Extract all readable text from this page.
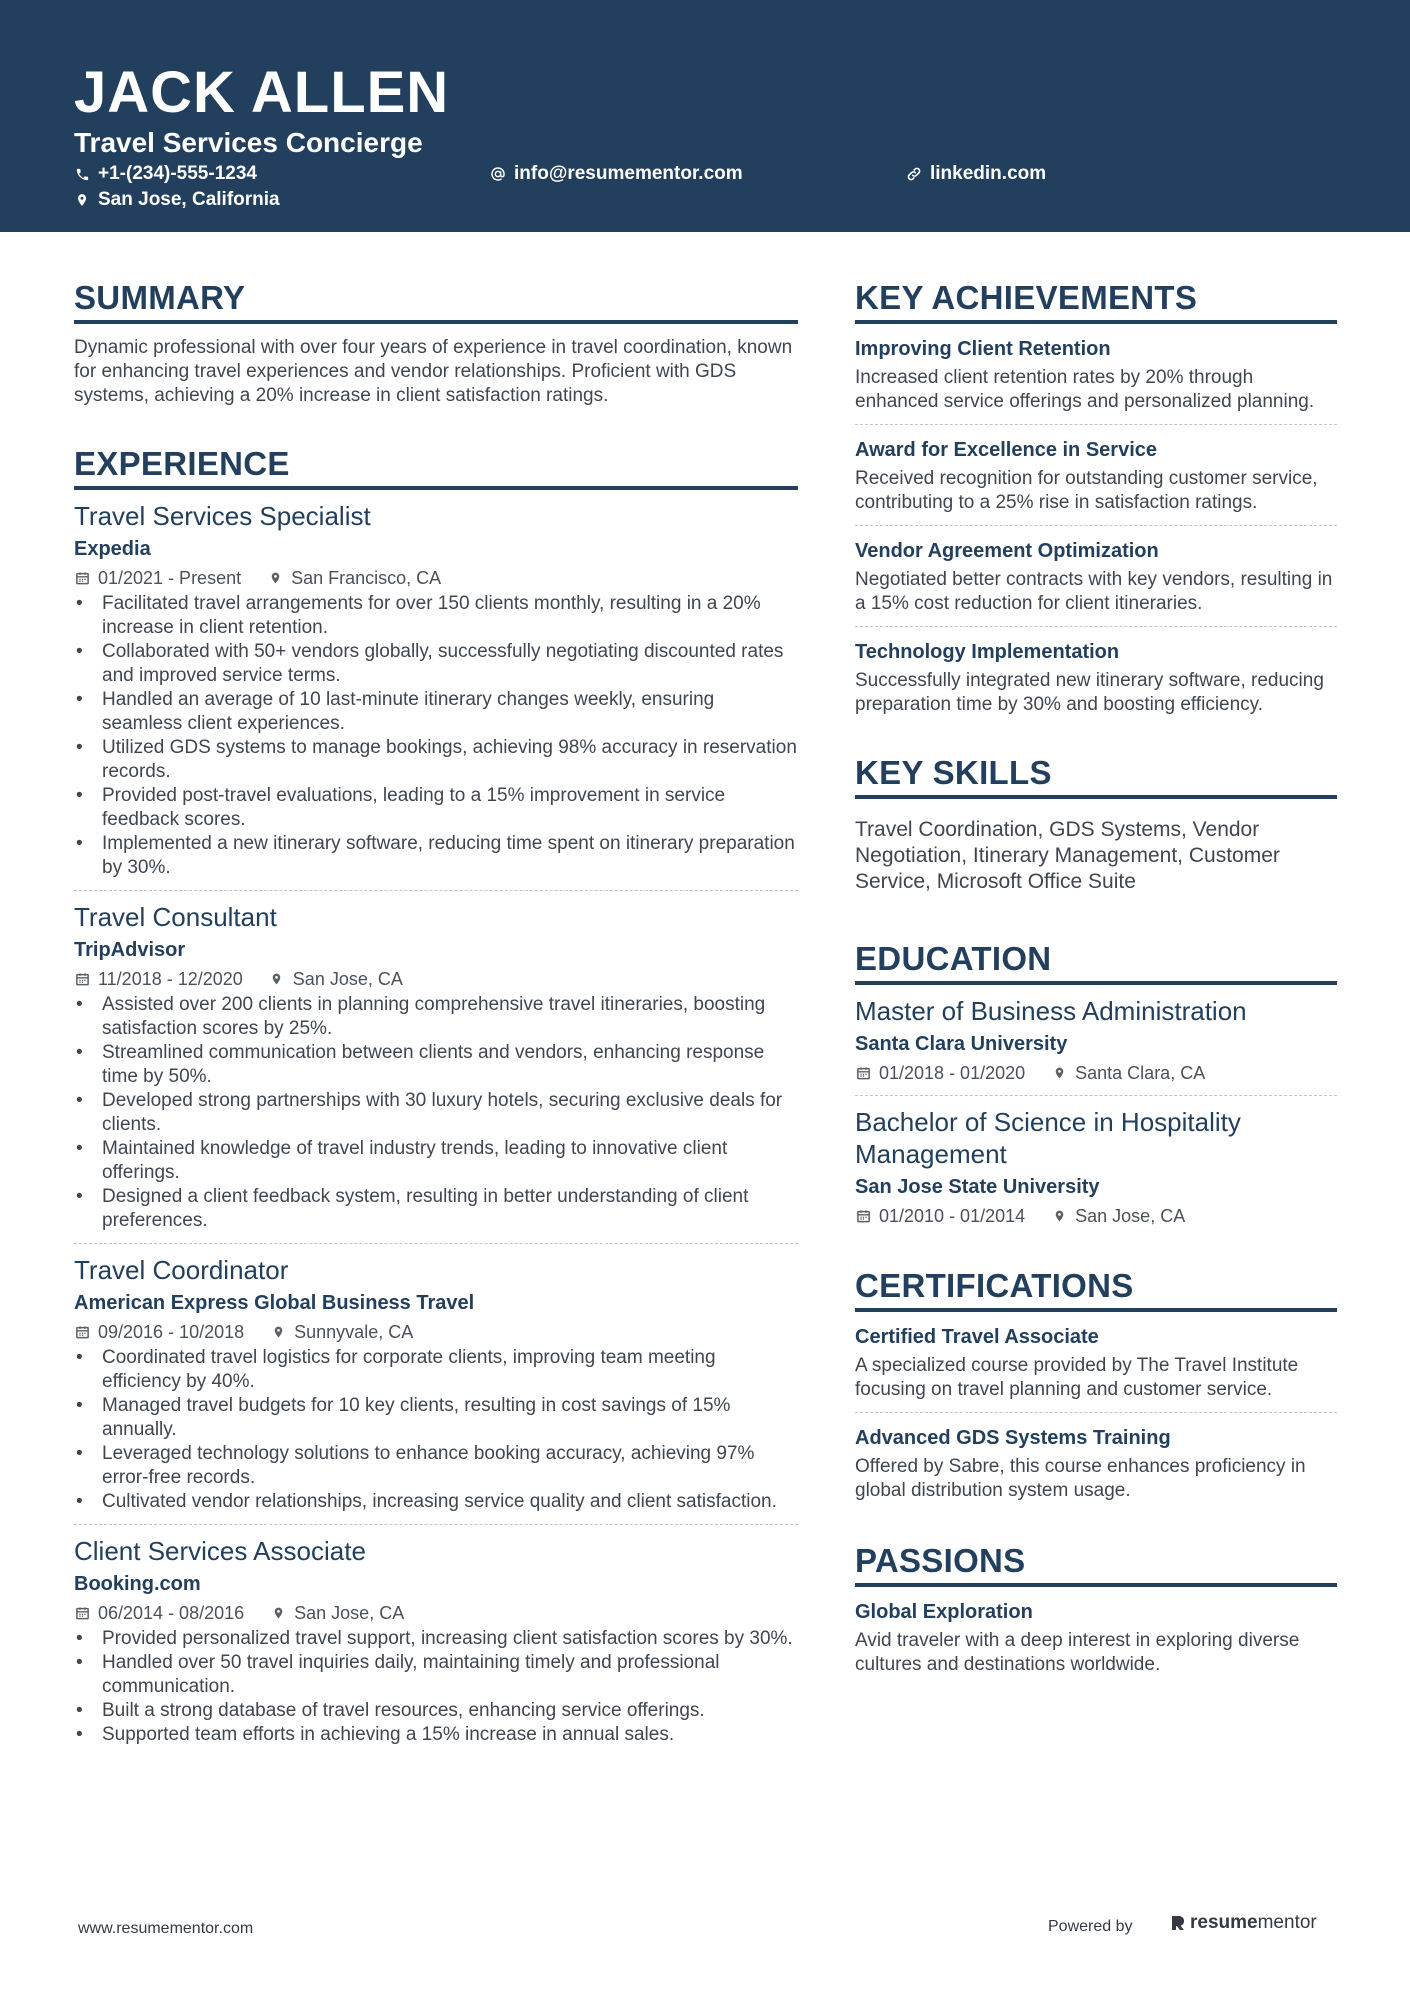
JACK ALLEN
Travel Services Concierge
+1-(234)-555-1234	info@resumementor.com	linkedin.com
San Jose, California
SUMMARY
Dynamic professional with over four years of experience in travel coordination, known for enhancing travel experiences and vendor relationships. Proficient with GDS systems, achieving a 20% increase in client satisfaction ratings.
EXPERIENCE
Travel Services Specialist
Expedia
01/2021 - Present	San Francisco, CA
• Facilitated travel arrangements for over 150 clients monthly, resulting in a 20% increase in client retention.
• Collaborated with 50+ vendors globally, successfully negotiating discounted rates and improved service terms.
• Handled an average of 10 last-minute itinerary changes weekly, ensuring seamless client experiences.
• Utilized GDS systems to manage bookings, achieving 98% accuracy in reservation records.
• Provided post-travel evaluations, leading to a 15% improvement in service feedback scores.
• Implemented a new itinerary software, reducing time spent on itinerary preparation by 30%.
Travel Consultant
TripAdvisor
11/2018 - 12/2020	San Jose, CA
• Assisted over 200 clients in planning comprehensive travel itineraries, boosting satisfaction scores by 25%.
• Streamlined communication between clients and vendors, enhancing response time by 50%.
• Developed strong partnerships with 30 luxury hotels, securing exclusive deals for clients.
• Maintained knowledge of travel industry trends, leading to innovative client offerings.
• Designed a client feedback system, resulting in better understanding of client preferences.
Travel Coordinator
American Express Global Business Travel
09/2016 - 10/2018	Sunnyvale, CA
• Coordinated travel logistics for corporate clients, improving team meeting efficiency by 40%.
• Managed travel budgets for 10 key clients, resulting in cost savings of 15% annually.
• Leveraged technology solutions to enhance booking accuracy, achieving 97% error-free records.
• Cultivated vendor relationships, increasing service quality and client satisfaction.
Client Services Associate
Booking.com
06/2014 - 08/2016	San Jose, CA
• Provided personalized travel support, increasing client satisfaction scores by 30%.
• Handled over 50 travel inquiries daily, maintaining timely and professional communication.
• Built a strong database of travel resources, enhancing service offerings.
• Supported team efforts in achieving a 15% increase in annual sales.
KEY ACHIEVEMENTS
Improving Client Retention
Increased client retention rates by 20% through enhanced service offerings and personalized planning.
Award for Excellence in Service
Received recognition for outstanding customer service, contributing to a 25% rise in satisfaction ratings.
Vendor Agreement Optimization
Negotiated better contracts with key vendors, resulting in a 15% cost reduction for client itineraries.
Technology Implementation
Successfully integrated new itinerary software, reducing preparation time by 30% and boosting efficiency.
KEY SKILLS
Travel Coordination, GDS Systems, Vendor Negotiation, Itinerary Management, Customer Service, Microsoft Office Suite
EDUCATION
Master of Business Administration
Santa Clara University
01/2018 - 01/2020	Santa Clara, CA
Bachelor of Science in Hospitality Management
San Jose State University
01/2010 - 01/2014	San Jose, CA
CERTIFICATIONS
Certified Travel Associate
A specialized course provided by The Travel Institute focusing on travel planning and customer service.
Advanced GDS Systems Training
Offered by Sabre, this course enhances proficiency in global distribution system usage.
PASSIONS
Global Exploration
Avid traveler with a deep interest in exploring diverse cultures and destinations worldwide.
www.resumementor.com	Powered by	resume mentor
